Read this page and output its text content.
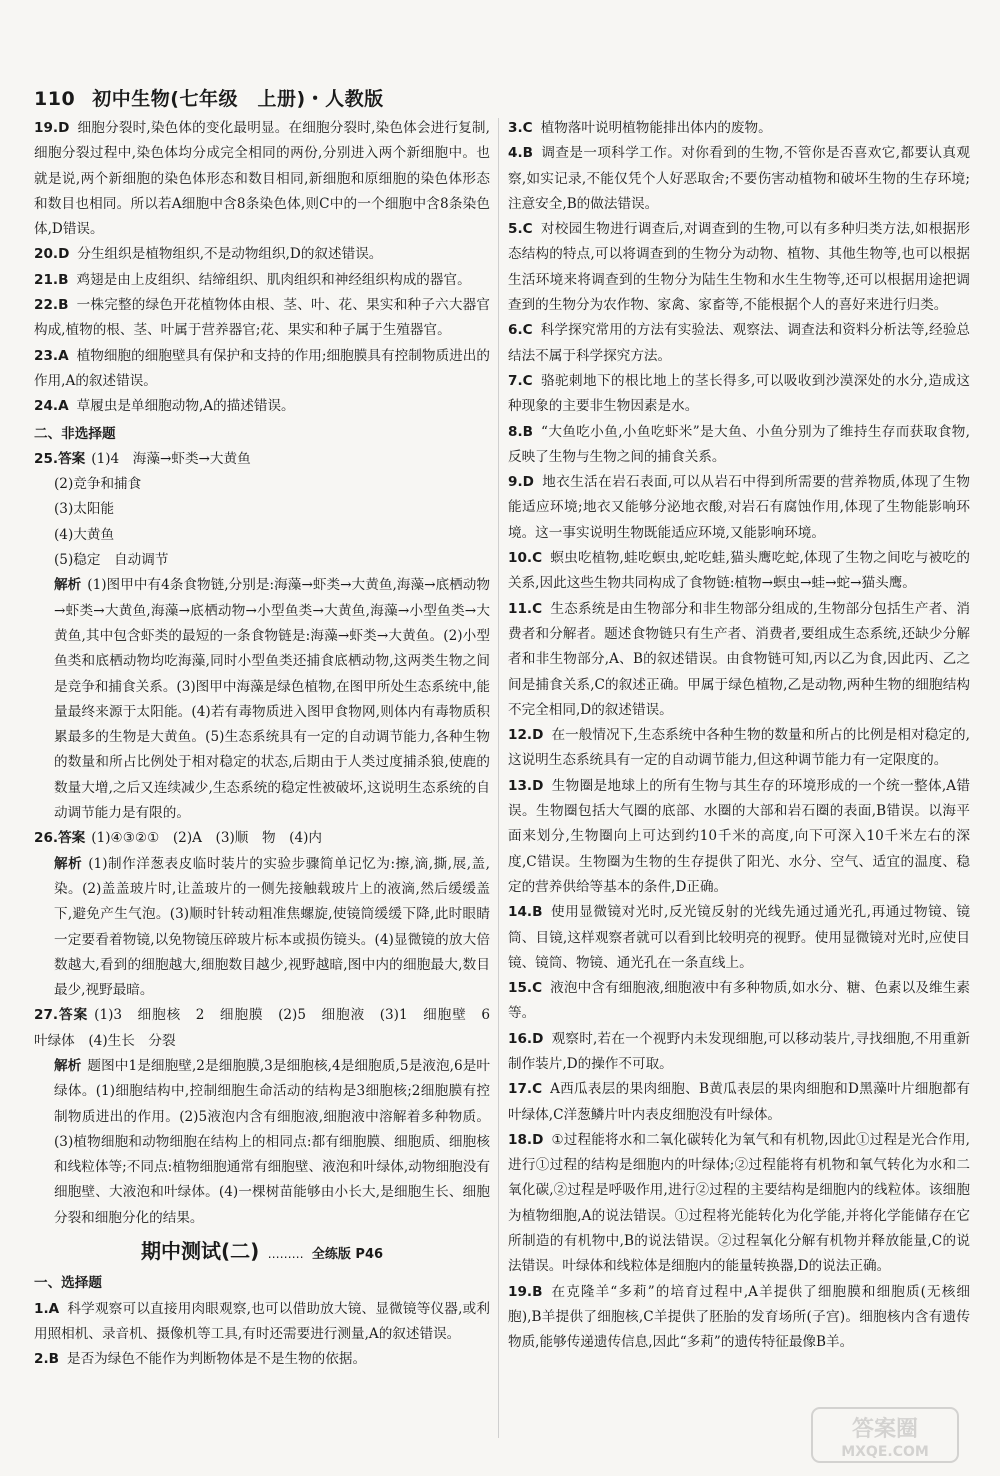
110 初中生物(七年级　上册)・人教版

19.D 细胞分裂时,染色体的变化最明显。在细胞分裂时,染色体会进行复制,细胞分裂过程中,染色体均分成完全相同的两份,分别进入两个新细胞中。也就是说,两个新细胞的染色体形态和数目相同,新细胞和原细胞的染色体形态和数目也相同。所以若A细胞中含8条染色体,则C中的一个细胞中含8条染色体,D错误。

20.D 分生组织是植物组织,不是动物组织,D的叙述错误。

21.B 鸡翅是由上皮组织、结缔组织、肌肉组织和神经组织构成的器官。

22.B 一株完整的绿色开花植物体由根、茎、叶、花、果实和种子六大器官构成,植物的根、茎、叶属于营养器官;花、果实和种子属于生殖器官。

23.A 植物细胞的细胞壁具有保护和支持的作用;细胞膜具有控制物质进出的作用,A的叙述错误。

24.A 草履虫是单细胞动物,A的描述错误。

二、非选择题

25.答案 (1)4　海藻→虾类→大黄鱼

(2)竞争和捕食

(3)太阳能

(4)大黄鱼

(5)稳定　自动调节

解析 (1)图甲中有4条食物链,分别是:海藻→虾类→大黄鱼,海藻→底栖动物→虾类→大黄鱼,海藻→底栖动物→小型鱼类→大黄鱼,海藻→小型鱼类→大黄鱼,其中包含虾类的最短的一条食物链是:海藻→虾类→大黄鱼。(2)小型鱼类和底栖动物均吃海藻,同时小型鱼类还捕食底栖动物,这两类生物之间是竞争和捕食关系。(3)图甲中海藻是绿色植物,在图甲所处生态系统中,能量最终来源于太阳能。(4)若有毒物质进入图甲食物网,则体内有毒物质积累最多的生物是大黄鱼。(5)生态系统具有一定的自动调节能力,各种生物的数量和所占比例处于相对稳定的状态,后期由于人类过度捕杀狼,使鹿的数量大增,之后又连续减少,生态系统的稳定性被破坏,这说明生态系统的自动调节能力是有限的。

26.答案 (1)④③②①　(2)A　(3)顺　物　(4)内

解析 (1)制作洋葱表皮临时装片的实验步骤简单记忆为:擦,滴,撕,展,盖,染。(2)盖盖玻片时,让盖玻片的一侧先接触载玻片上的液滴,然后缓缓盖下,避免产生气泡。(3)顺时针转动粗准焦螺旋,使镜筒缓缓下降,此时眼睛一定要看着物镜,以免物镜压碎玻片标本或损伤镜头。(4)显微镜的放大倍数越大,看到的细胞越大,细胞数目越少,视野越暗,图中内的细胞最大,数目最少,视野最暗。

27.答案 (1)3　细胞核　2　细胞膜　(2)5　细胞液　(3)1　细胞壁　6　叶绿体　(4)生长　分裂

解析 题图中1是细胞壁,2是细胞膜,3是细胞核,4是细胞质,5是液泡,6是叶绿体。(1)细胞结构中,控制细胞生命活动的结构是3细胞核;2细胞膜有控制物质进出的作用。(2)5液泡内含有细胞液,细胞液中溶解着多种物质。(3)植物细胞和动物细胞在结构上的相同点:都有细胞膜、细胞质、细胞核和线粒体等;不同点:植物细胞通常有细胞壁、液泡和叶绿体,动物细胞没有细胞壁、大液泡和叶绿体。(4)一棵树苗能够由小长大,是细胞生长、细胞分裂和细胞分化的结果。

期中测试(二) ……… 全练版 P46

一、选择题

1.A 科学观察可以直接用肉眼观察,也可以借助放大镜、显微镜等仪器,或利用照相机、录音机、摄像机等工具,有时还需要进行测量,A的叙述错误。

2.B 是否为绿色不能作为判断物体是不是生物的依据。

3.C 植物落叶说明植物能排出体内的废物。

4.B 调查是一项科学工作。对你看到的生物,不管你是否喜欢它,都要认真观察,如实记录,不能仅凭个人好恶取舍;不要伤害动植物和破坏生物的生存环境;注意安全,B的做法错误。

5.C 对校园生物进行调查后,对调查到的生物,可以有多种归类方法,如根据形态结构的特点,可以将调查到的生物分为动物、植物、其他生物等,也可以根据生活环境来将调查到的生物分为陆生生物和水生生物等,还可以根据用途把调查到的生物分为农作物、家禽、家畜等,不能根据个人的喜好来进行归类。

6.C 科学探究常用的方法有实验法、观察法、调查法和资料分析法等,经验总结法不属于科学探究方法。

7.C 骆驼刺地下的根比地上的茎长得多,可以吸收到沙漠深处的水分,造成这种现象的主要非生物因素是水。

8.B “大鱼吃小鱼,小鱼吃虾米”是大鱼、小鱼分别为了维持生存而获取食物,反映了生物与生物之间的捕食关系。

9.D 地衣生活在岩石表面,可以从岩石中得到所需要的营养物质,体现了生物能适应环境;地衣又能够分泌地衣酸,对岩石有腐蚀作用,体现了生物能影响环境。这一事实说明生物既能适应环境,又能影响环境。

10.C 螟虫吃植物,蛙吃螟虫,蛇吃蛙,猫头鹰吃蛇,体现了生物之间吃与被吃的关系,因此这些生物共同构成了食物链:植物→螟虫→蛙→蛇→猫头鹰。

11.C 生态系统是由生物部分和非生物部分组成的,生物部分包括生产者、消费者和分解者。题述食物链只有生产者、消费者,要组成生态系统,还缺少分解者和非生物部分,A、B的叙述错误。由食物链可知,丙以乙为食,因此丙、乙之间是捕食关系,C的叙述正确。甲属于绿色植物,乙是动物,两种生物的细胞结构不完全相同,D的叙述错误。

12.D 在一般情况下,生态系统中各种生物的数量和所占的比例是相对稳定的,这说明生态系统具有一定的自动调节能力,但这种调节能力有一定限度的。

13.D 生物圈是地球上的所有生物与其生存的环境形成的一个统一整体,A错误。生物圈包括大气圈的底部、水圈的大部和岩石圈的表面,B错误。以海平面来划分,生物圈向上可达到约10千米的高度,向下可深入10千米左右的深度,C错误。生物圈为生物的生存提供了阳光、水分、空气、适宜的温度、稳定的营养供给等基本的条件,D正确。

14.B 使用显微镜对光时,反光镜反射的光线先通过通光孔,再通过物镜、镜筒、目镜,这样观察者就可以看到比较明亮的视野。使用显微镜对光时,应使目镜、镜筒、物镜、通光孔在一条直线上。

15.C 液泡中含有细胞液,细胞液中有多种物质,如水分、糖、色素以及维生素等。

16.D 观察时,若在一个视野内未发现细胞,可以移动装片,寻找细胞,不用重新制作装片,D的操作不可取。

17.C A西瓜表层的果肉细胞、B黄瓜表层的果肉细胞和D黑藻叶片细胞都有叶绿体,C洋葱鳞片叶内表皮细胞没有叶绿体。

18.D ①过程能将水和二氧化碳转化为氧气和有机物,因此①过程是光合作用,进行①过程的结构是细胞内的叶绿体;②过程能将有机物和氧气转化为水和二氧化碳,②过程是呼吸作用,进行②过程的主要结构是细胞内的线粒体。该细胞为植物细胞,A的说法错误。①过程将光能转化为化学能,并将化学能储存在它所制造的有机物中,B的说法错误。②过程氧化分解有机物并释放能量,C的说法错误。叶绿体和线粒体是细胞内的能量转换器,D的说法正确。

19.B 在克隆羊“多莉”的培育过程中,A羊提供了细胞膜和细胞质(无核细胞),B羊提供了细胞核,C羊提供了胚胎的发育场所(子宫)。细胞核内含有遗传物质,能够传递遗传信息,因此“多莉”的遗传特征最像B羊。

答案圈
MXQE.COM
